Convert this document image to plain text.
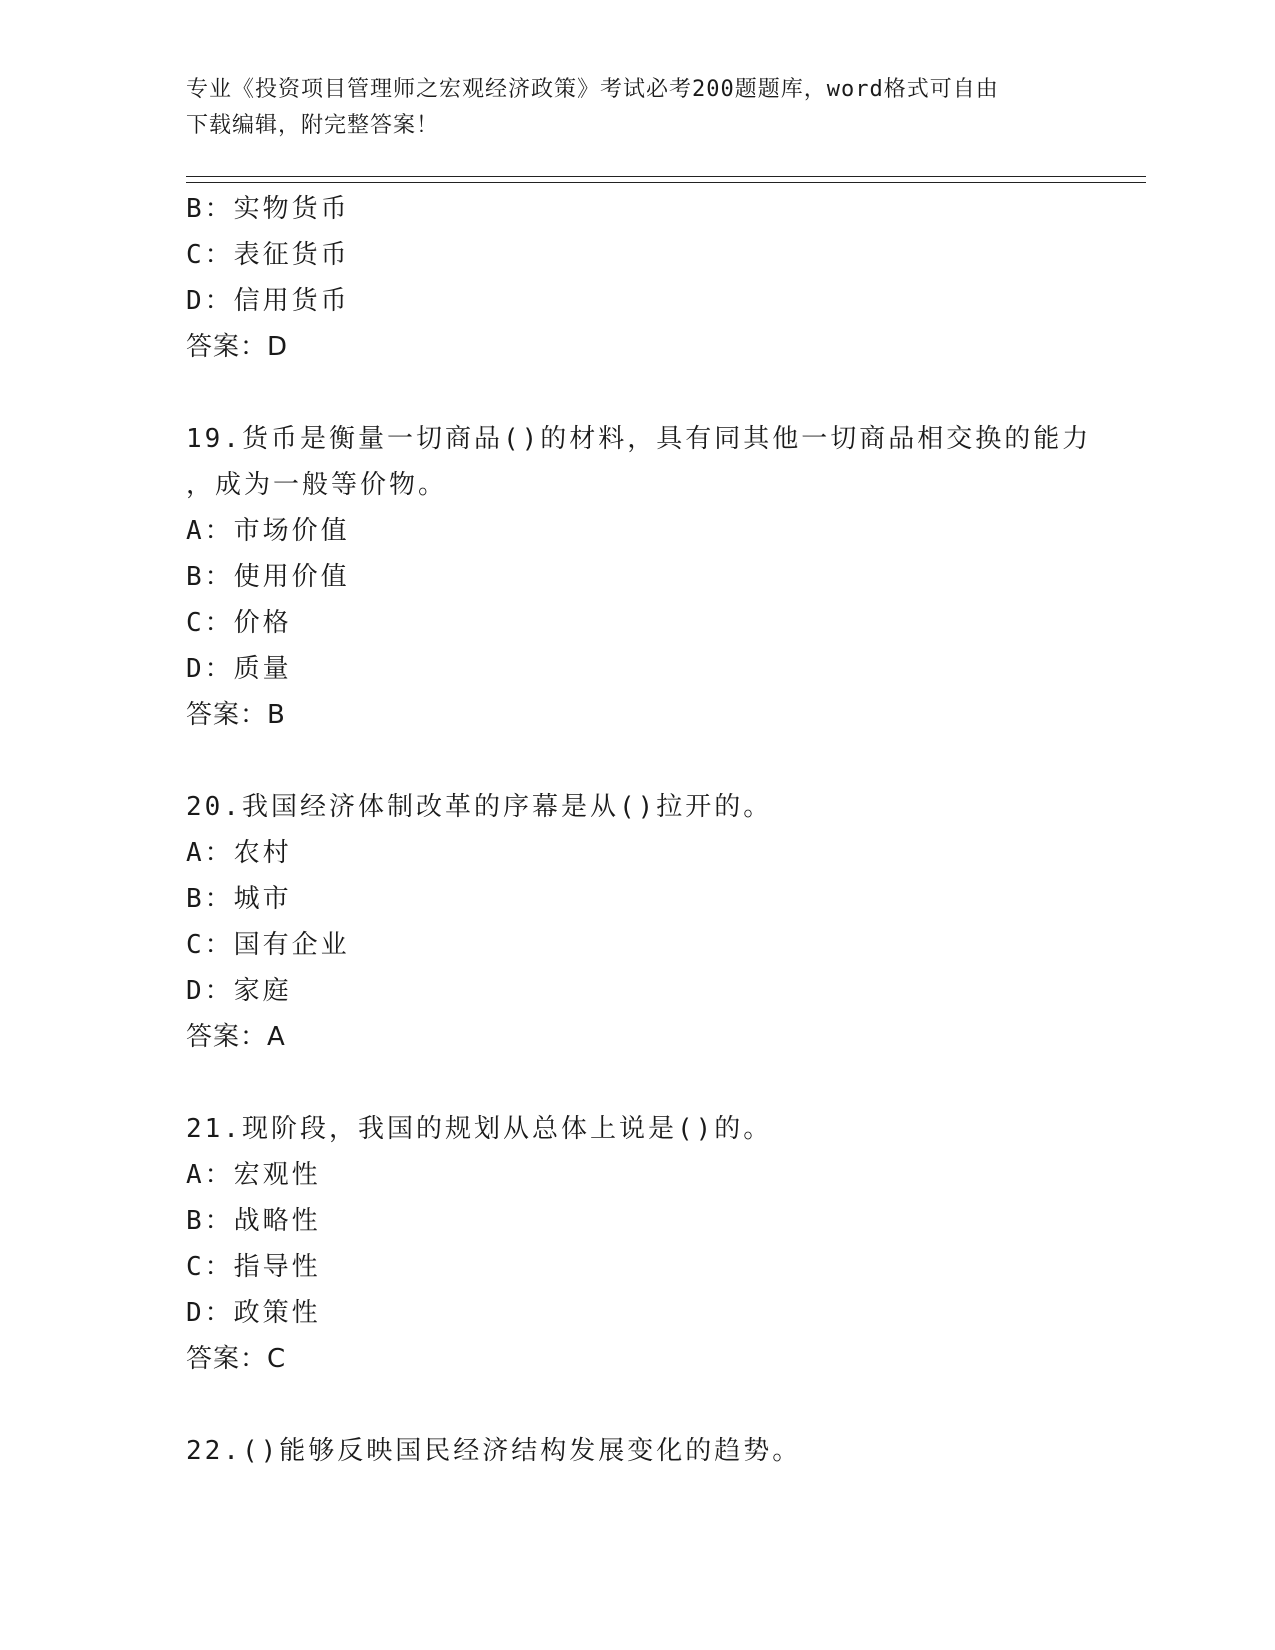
专业《投资项目管理师之宏观经济政策》考试必考200题题库，word格式可自由
下载编辑，附完整答案！
B：实物货币
C：表征货币
D：信用货币
答案：D
19.货币是衡量一切商品()的材料，具有同其他一切商品相交换的能力
，成为一般等价物。
A：市场价值
B：使用价值
C：价格
D：质量
答案：B
20.我国经济体制改革的序幕是从()拉开的。
A：农村
B：城市
C：国有企业
D：家庭
答案：A
21.现阶段，我国的规划从总体上说是()的。
A：宏观性
B：战略性
C：指导性
D：政策性
答案：C
22.()能够反映国民经济结构发展变化的趋势。
